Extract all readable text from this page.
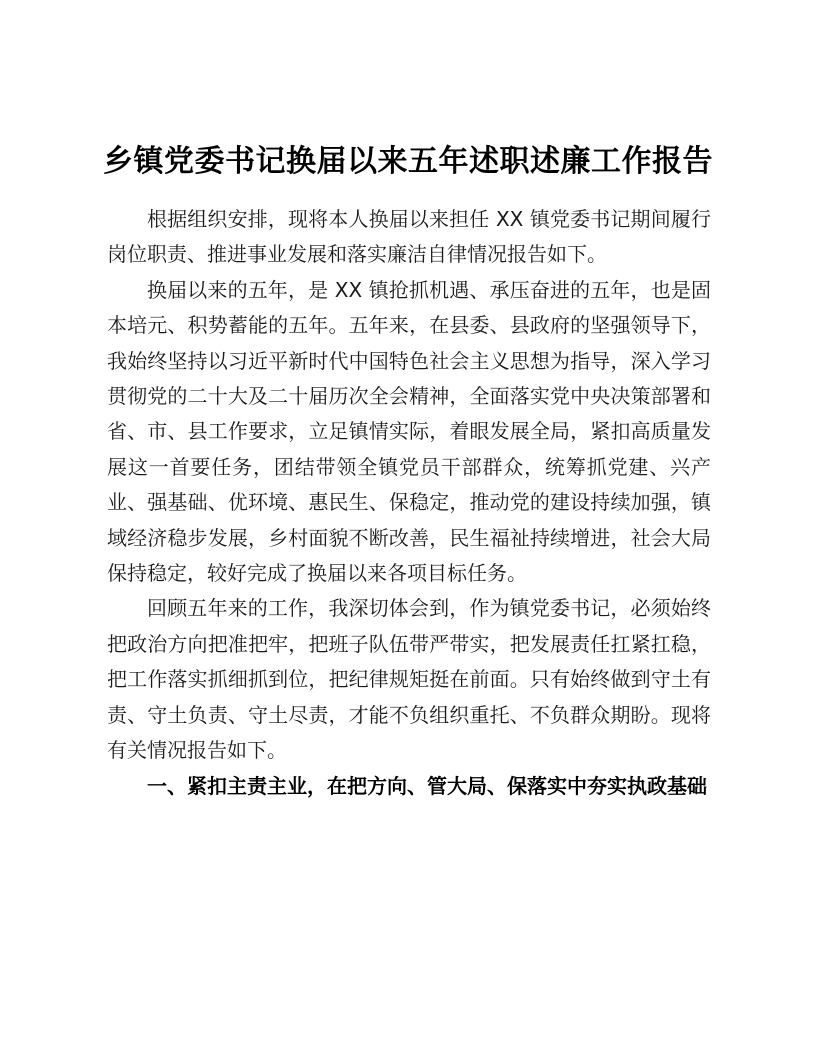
乡镇党委书记换届以来五年述职述廉工作报告

根据组织安排，现将本人换届以来担任 XX 镇党委书记期间履行岗位职责、推进事业发展和落实廉洁自律情况报告如下。

换届以来的五年，是 XX 镇抢抓机遇、承压奋进的五年，也是固本培元、积势蓄能的五年。五年来，在县委、县政府的坚强领导下，我始终坚持以习近平新时代中国特色社会主义思想为指导，深入学习贯彻党的二十大及二十届历次全会精神，全面落实党中央决策部署和省、市、县工作要求，立足镇情实际，着眼发展全局，紧扣高质量发展这一首要任务，团结带领全镇党员干部群众，统筹抓党建、兴产业、强基础、优环境、惠民生、保稳定，推动党的建设持续加强，镇域经济稳步发展，乡村面貌不断改善，民生福祉持续增进，社会大局保持稳定，较好完成了换届以来各项目标任务。

回顾五年来的工作，我深切体会到，作为镇党委书记，必须始终把政治方向把准把牢，把班子队伍带严带实，把发展责任扛紧扛稳，把工作落实抓细抓到位，把纪律规矩挺在前面。只有始终做到守土有责、守土负责、守土尽责，才能不负组织重托、不负群众期盼。现将有关情况报告如下。

一、紧扣主责主业，在把方向、管大局、保落实中夯实执政基础
